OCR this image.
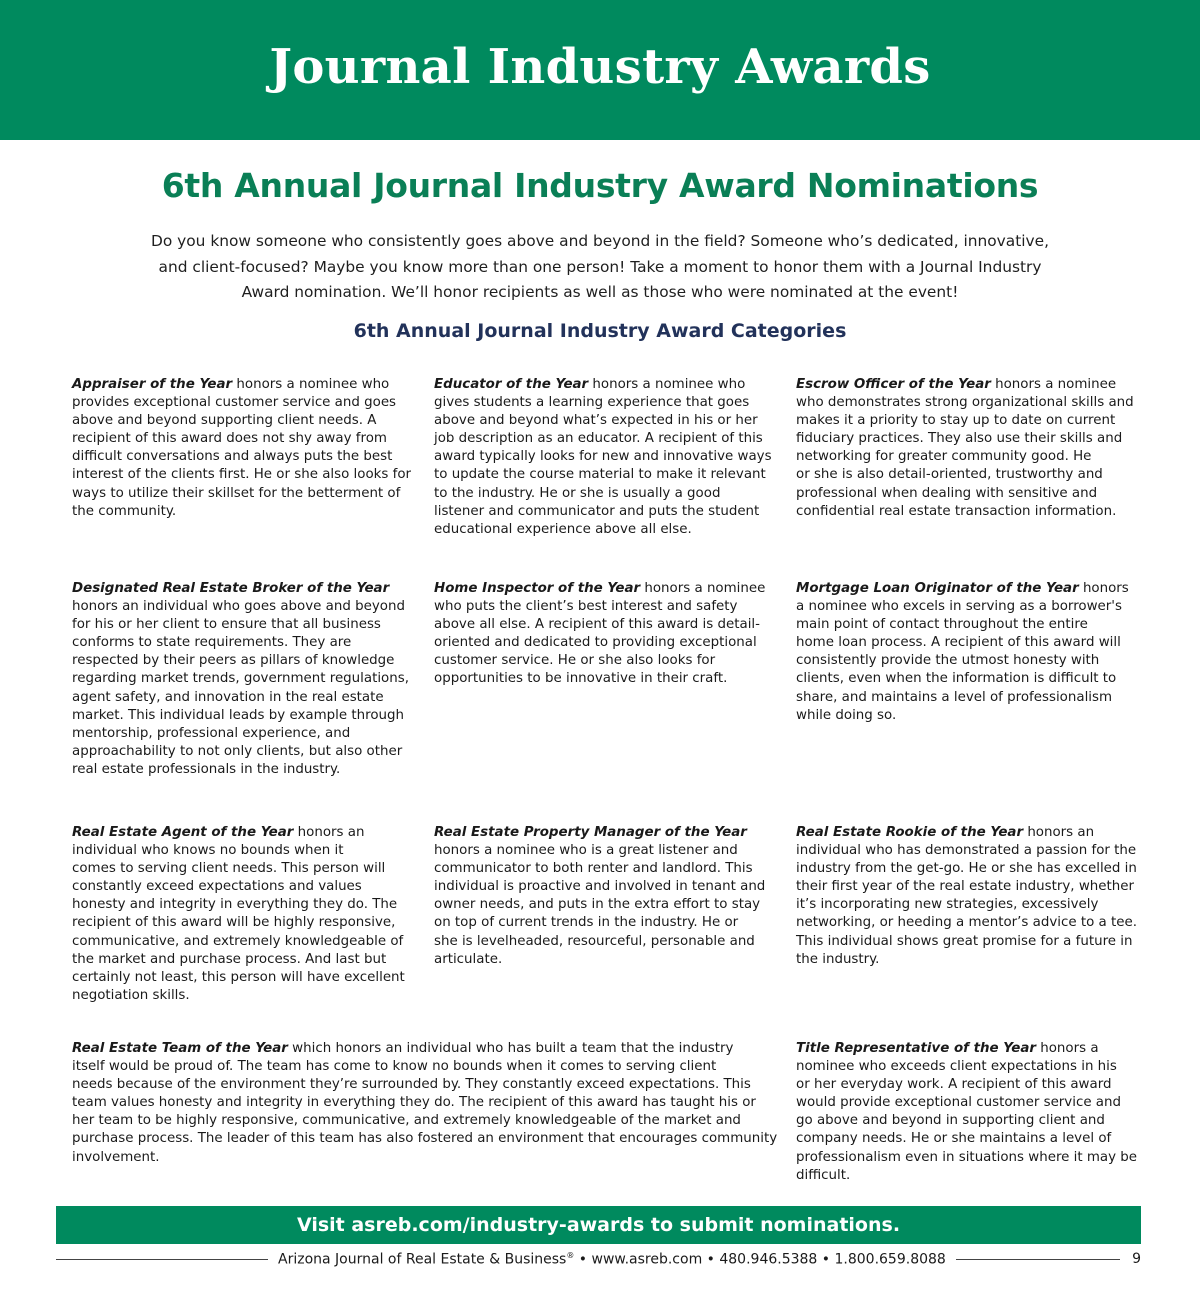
Journal Industry Awards
6th Annual Journal Industry Award Nominations
Do you know someone who consistently goes above and beyond in the field? Someone who’s dedicated, innovative,
and client-focused? Maybe you know more than one person! Take a moment to honor them with a Journal Industry
Award nomination. We’ll honor recipients as well as those who were nominated at the event!
6th Annual Journal Industry Award Categories
Appraiser of the Year honors a nominee who
provides exceptional customer service and goes
above and beyond supporting client needs. A
recipient of this award does not shy away from
difficult conversations and always puts the best
interest of the clients first. He or she also looks for
ways to utilize their skillset for the betterment of
the community.
Educator of the Year honors a nominee who
gives students a learning experience that goes
above and beyond what’s expected in his or her
job description as an educator. A recipient of this
award typically looks for new and innovative ways
to update the course material to make it relevant
to the industry. He or she is usually a good
listener and communicator and puts the student
educational experience above all else.
Escrow Officer of the Year honors a nominee
who demonstrates strong organizational skills and
makes it a priority to stay up to date on current
fiduciary practices. They also use their skills and
networking for greater community good. He
or she is also detail-oriented, trustworthy and
professional when dealing with sensitive and
confidential real estate transaction information.
Designated Real Estate Broker of the Year
honors an individual who goes above and beyond
for his or her client to ensure that all business
conforms to state requirements. They are
respected by their peers as pillars of knowledge
regarding market trends, government regulations,
agent safety, and innovation in the real estate
market. This individual leads by example through
mentorship, professional experience, and
approachability to not only clients, but also other
real estate professionals in the industry.
Home Inspector of the Year honors a nominee
who puts the client’s best interest and safety
above all else. A recipient of this award is detail-
oriented and dedicated to providing exceptional
customer service. He or she also looks for
opportunities to be innovative in their craft.
Mortgage Loan Originator of the Year honors
a nominee who excels in serving as a borrower's
main point of contact throughout the entire
home loan process. A recipient of this award will
consistently provide the utmost honesty with
clients, even when the information is difficult to
share, and maintains a level of professionalism
while doing so.
Real Estate Agent of the Year honors an
individual who knows no bounds when it
comes to serving client needs. This person will
constantly exceed expectations and values
honesty and integrity in everything they do. The
recipient of this award will be highly responsive,
communicative, and extremely knowledgeable of
the market and purchase process. And last but
certainly not least, this person will have excellent
negotiation skills.
Real Estate Property Manager of the Year
honors a nominee who is a great listener and
communicator to both renter and landlord. This
individual is proactive and involved in tenant and
owner needs, and puts in the extra effort to stay
on top of current trends in the industry. He or
she is levelheaded, resourceful, personable and
articulate.
Real Estate Rookie of the Year honors an
individual who has demonstrated a passion for the
industry from the get-go. He or she has excelled in
their first year of the real estate industry, whether
it’s incorporating new strategies, excessively
networking, or heeding a mentor’s advice to a tee.
This individual shows great promise for a future in
the industry.
Real Estate Team of the Year which honors an individual who has built a team that the industry
itself would be proud of. The team has come to know no bounds when it comes to serving client
needs because of the environment they’re surrounded by. They constantly exceed expectations. This
team values honesty and integrity in everything they do. The recipient of this award has taught his or
her team to be highly responsive, communicative, and extremely knowledgeable of the market and
purchase process. The leader of this team has also fostered an environment that encourages community
involvement.
Title Representative of the Year honors a
nominee who exceeds client expectations in his
or her everyday work. A recipient of this award
would provide exceptional customer service and
go above and beyond in supporting client and
company needs. He or she maintains a level of
professionalism even in situations where it may be
difficult.
Visit asreb.com/industry-awards to submit nominations.
Arizona Journal of Real Estate & Business® • www.asreb.com • 480.946.5388 • 1.800.659.8088	9
